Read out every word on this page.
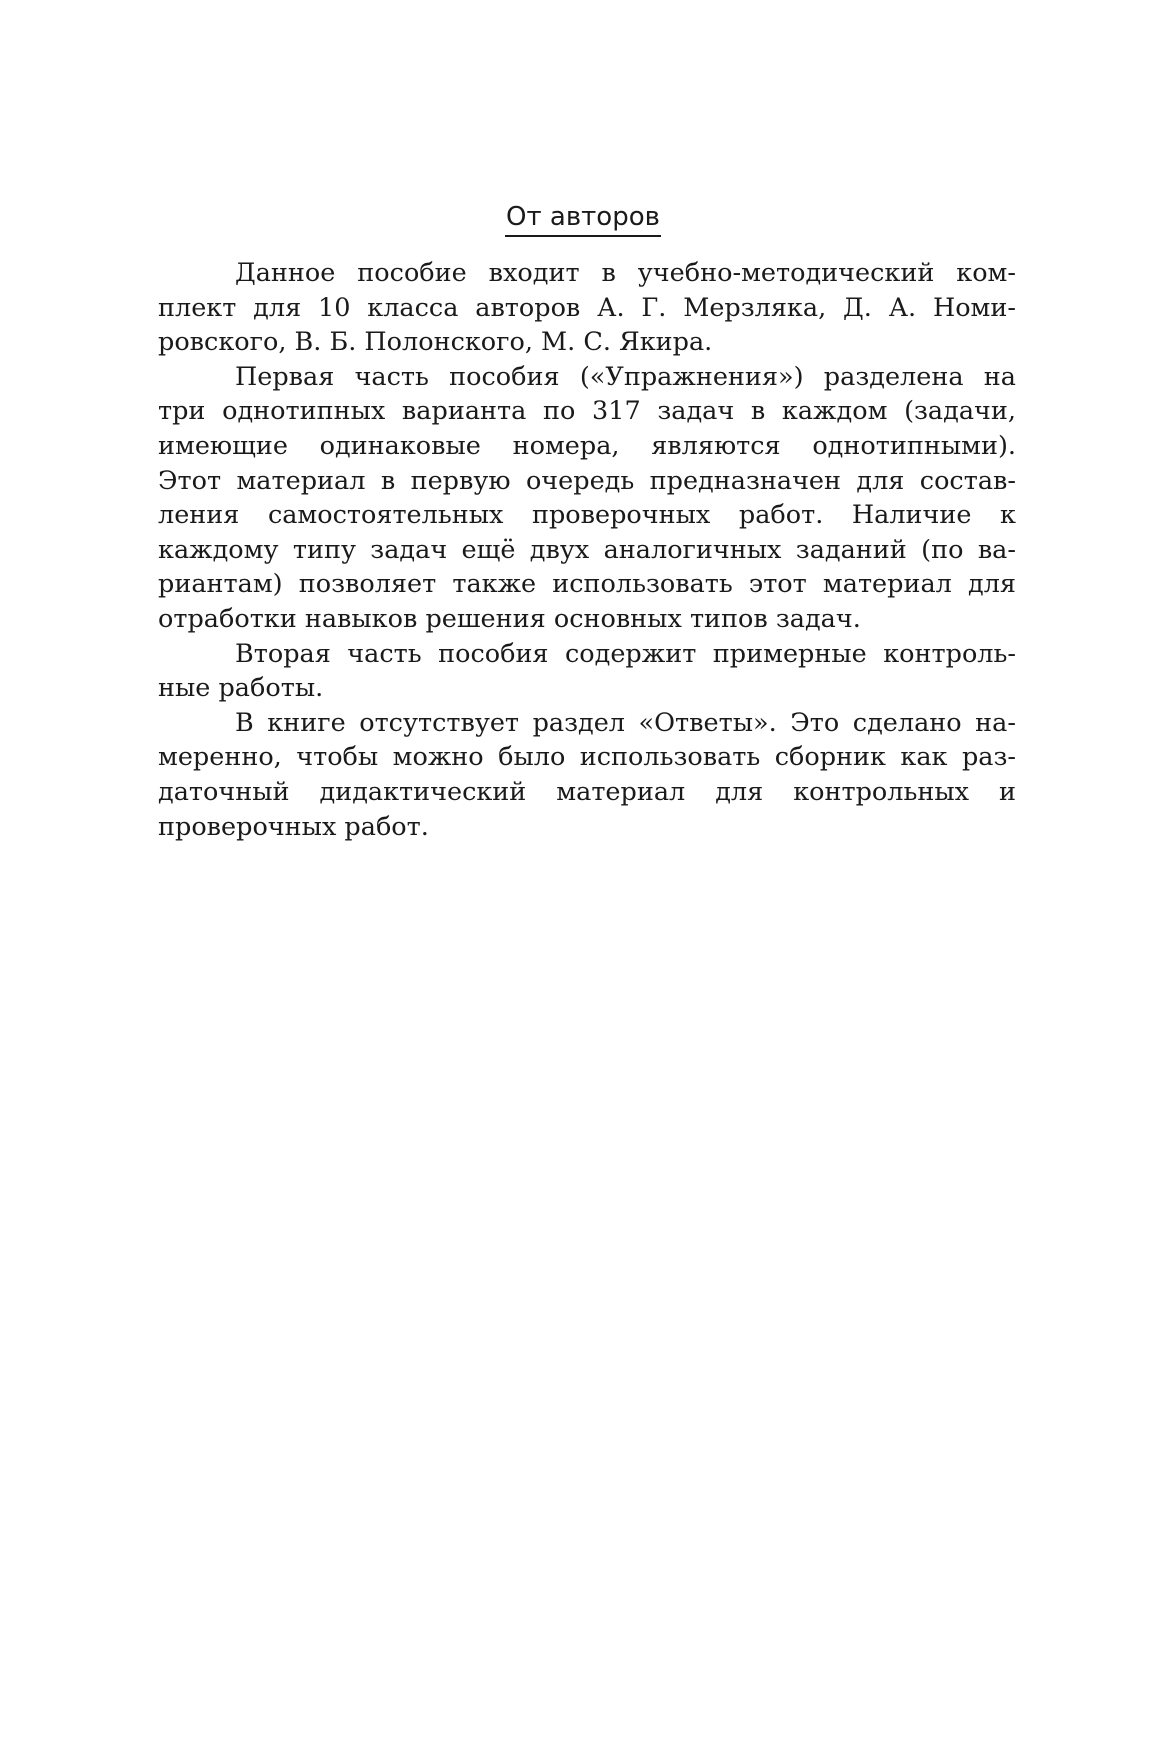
От авторов
Данное пособие входит в учебно-методический ком-
плект для 10 класса авторов А. Г. Мерзляка, Д. А. Номи-
ровского, В. Б. Полонского, М. С. Якира.
Первая часть пособия («Упражнения») разделена на
три однотипных варианта по 317 задач в каждом (задачи,
имеющие одинаковые номера, являются однотипными).
Этот материал в первую очередь предназначен для состав-
ления самостоятельных проверочных работ. Наличие к
каждому типу задач ещё двух аналогичных заданий (по ва-
риантам) позволяет также использовать этот материал для
отработки навыков решения основных типов задач.
Вторая часть пособия содержит примерные контроль-
ные работы.
В книге отсутствует раздел «Ответы». Это сделано на-
меренно, чтобы можно было использовать сборник как раз-
даточный дидактический материал для контрольных и
проверочных работ.
